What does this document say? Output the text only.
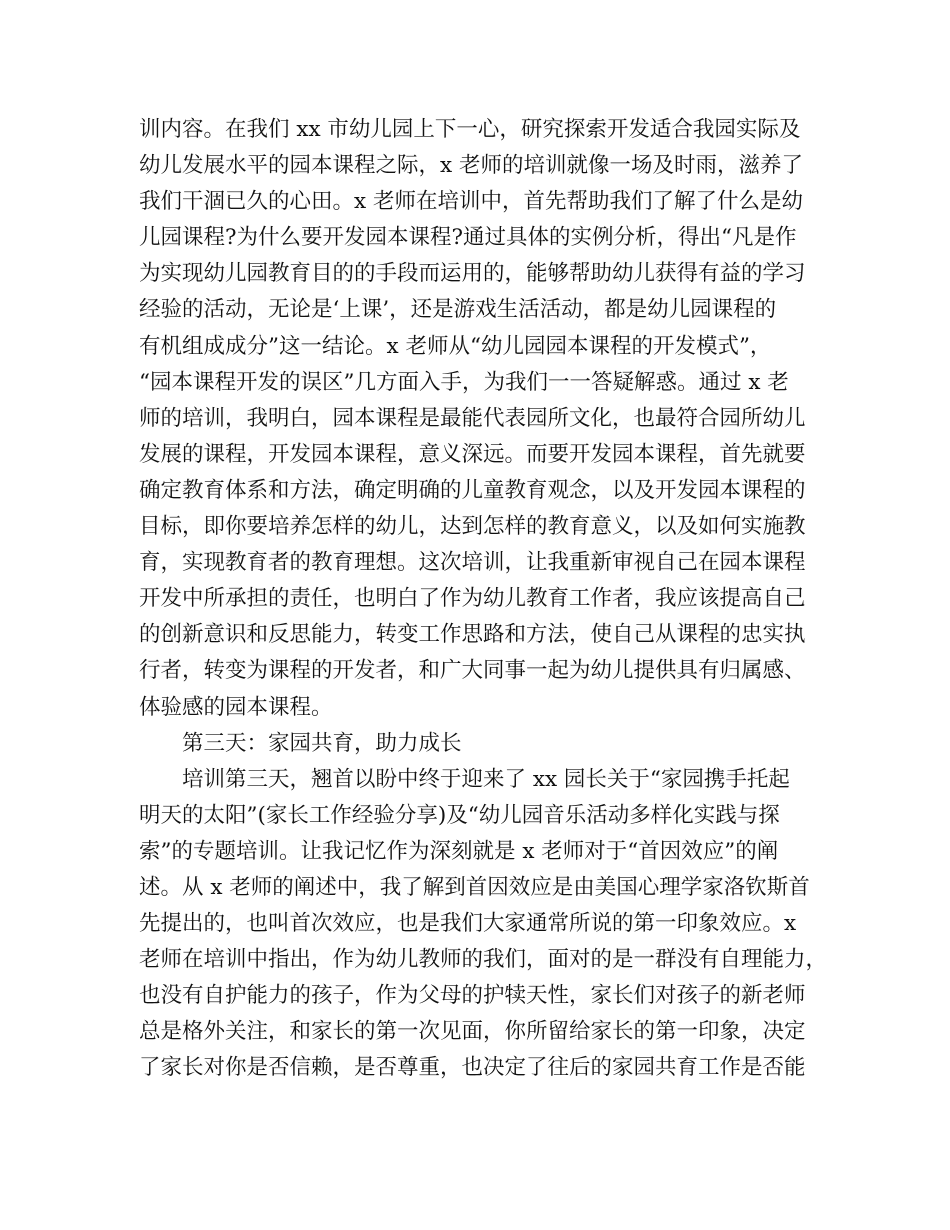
训内容。在我们 xx 市幼儿园上下一心，研究探索开发适合我园实际及
幼儿发展水平的园本课程之际，x 老师的培训就像一场及时雨，滋养了
我们干涸已久的心田。x 老师在培训中，首先帮助我们了解了什么是幼
儿园课程?为什么要开发园本课程?通过具体的实例分析，得出“凡是作
为实现幼儿园教育目的的手段而运用的，能够帮助幼儿获得有益的学习
经验的活动，无论是‘上课’，还是游戏生活活动，都是幼儿园课程的
有机组成成分”这一结论。x 老师从“幼儿园园本课程的开发模式”，
“园本课程开发的误区”几方面入手，为我们一一答疑解惑。通过 x 老
师的培训，我明白，园本课程是最能代表园所文化，也最符合园所幼儿
发展的课程，开发园本课程，意义深远。而要开发园本课程，首先就要
确定教育体系和方法，确定明确的儿童教育观念，以及开发园本课程的
目标，即你要培养怎样的幼儿，达到怎样的教育意义，以及如何实施教
育，实现教育者的教育理想。这次培训，让我重新审视自己在园本课程
开发中所承担的责任，也明白了作为幼儿教育工作者，我应该提高自己
的创新意识和反思能力，转变工作思路和方法，使自己从课程的忠实执
行者，转变为课程的开发者，和广大同事一起为幼儿提供具有归属感、
体验感的园本课程。
第三天：家园共育，助力成长
培训第三天，翘首以盼中终于迎来了 xx 园长关于“家园携手托起
明天的太阳”(家长工作经验分享)及“幼儿园音乐活动多样化实践与探
索”的专题培训。让我记忆作为深刻就是 x 老师对于“首因效应”的阐
述。从 x 老师的阐述中，我了解到首因效应是由美国心理学家洛钦斯首
先提出的，也叫首次效应，也是我们大家通常所说的第一印象效应。x
老师在培训中指出，作为幼儿教师的我们，面对的是一群没有自理能力，
也没有自护能力的孩子，作为父母的护犊天性，家长们对孩子的新老师
总是格外关注，和家长的第一次见面，你所留给家长的第一印象，决定
了家长对你是否信赖，是否尊重，也决定了往后的家园共育工作是否能
